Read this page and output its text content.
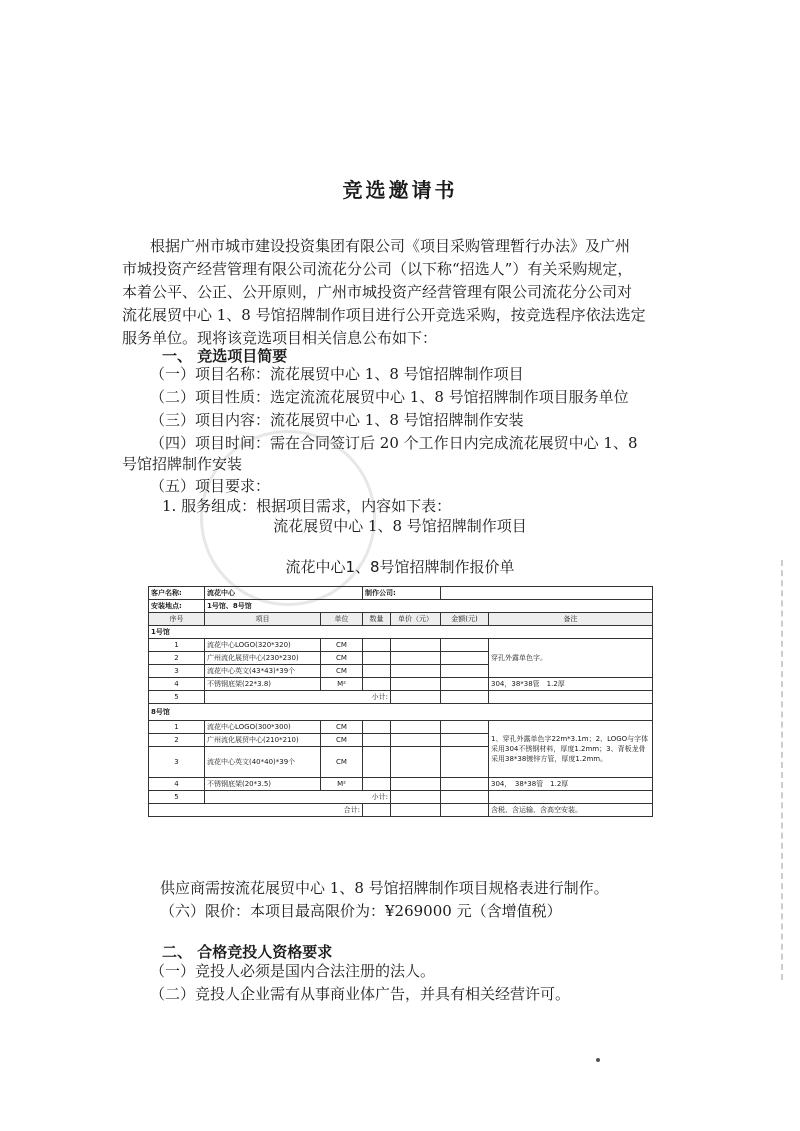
竞选邀请书
根据广州市城市建设投资集团有限公司《项目采购管理暂行办法》及广州
市城投资产经营管理有限公司流花分公司（以下称“招选人”）有关采购规定，
本着公平、公正、公开原则，广州市城投资产经营管理有限公司流花分公司对
流花展贸中心 1、8 号馆招牌制作项目进行公开竞选采购，按竞选程序依法选定
服务单位。现将该竞选项目相关信息公布如下：
一、 竞选项目简要
（一）项目名称：流花展贸中心 1、8 号馆招牌制作项目
（二）项目性质：选定流流花展贸中心 1、8 号馆招牌制作项目服务单位
（三）项目内容：流花展贸中心 1、8 号馆招牌制作安装
（四）项目时间：需在合同签订后 20 个工作日内完成流花展贸中心 1、8
号馆招牌制作安装
（五）项目要求：
1. 服务组成：根据项目需求，内容如下表：
流花展贸中心 1、8 号馆招牌制作项目
流花中心1、8号馆招牌制作报价单
客户名称:	流花中心		制作公司:			
安装地点:	1号馆、8号馆					
序号	项目	单位	数量	单价（元）	金额(元)	备注
1号馆						
1	流花中心LOGO(320*320)	CM				穿孔外露单色字。
2	广州流化展贸中心(230*230)	CM				
3	流花中心英文(43*43)*39个	CM				
4	不锈钢底架(22*3.8)	M²				304，38*38管　1.2厚
5	小计:					
8号馆						
1	流花中心LOGO(300*300)	CM				1、穿孔外露单色字22m*3.1m；2、LOGO与字体采用304不锈钢材料，厚度1.2mm；3、背板龙骨采用38*38镀锌方管，厚度1.2mm。
2	广州流化展贸中心(210*210)	CM				
3	流花中心英文(40*40)*39个	CM				
4	不锈钢底架(20*3.5)	M²				304，　38*38管　1.2厚
5	小计:					
合计:						含税、含运输、含高空安装。
供应商需按流花展贸中心 1、8 号馆招牌制作项目规格表进行制作。
（六）限价：本项目最高限价为：¥269000 元（含增值税）
二、 合格竞投人资格要求
（一）竞投人必须是国内合法注册的法人。
（二）竞投人企业需有从事商业体广告，并具有相关经营许可。
